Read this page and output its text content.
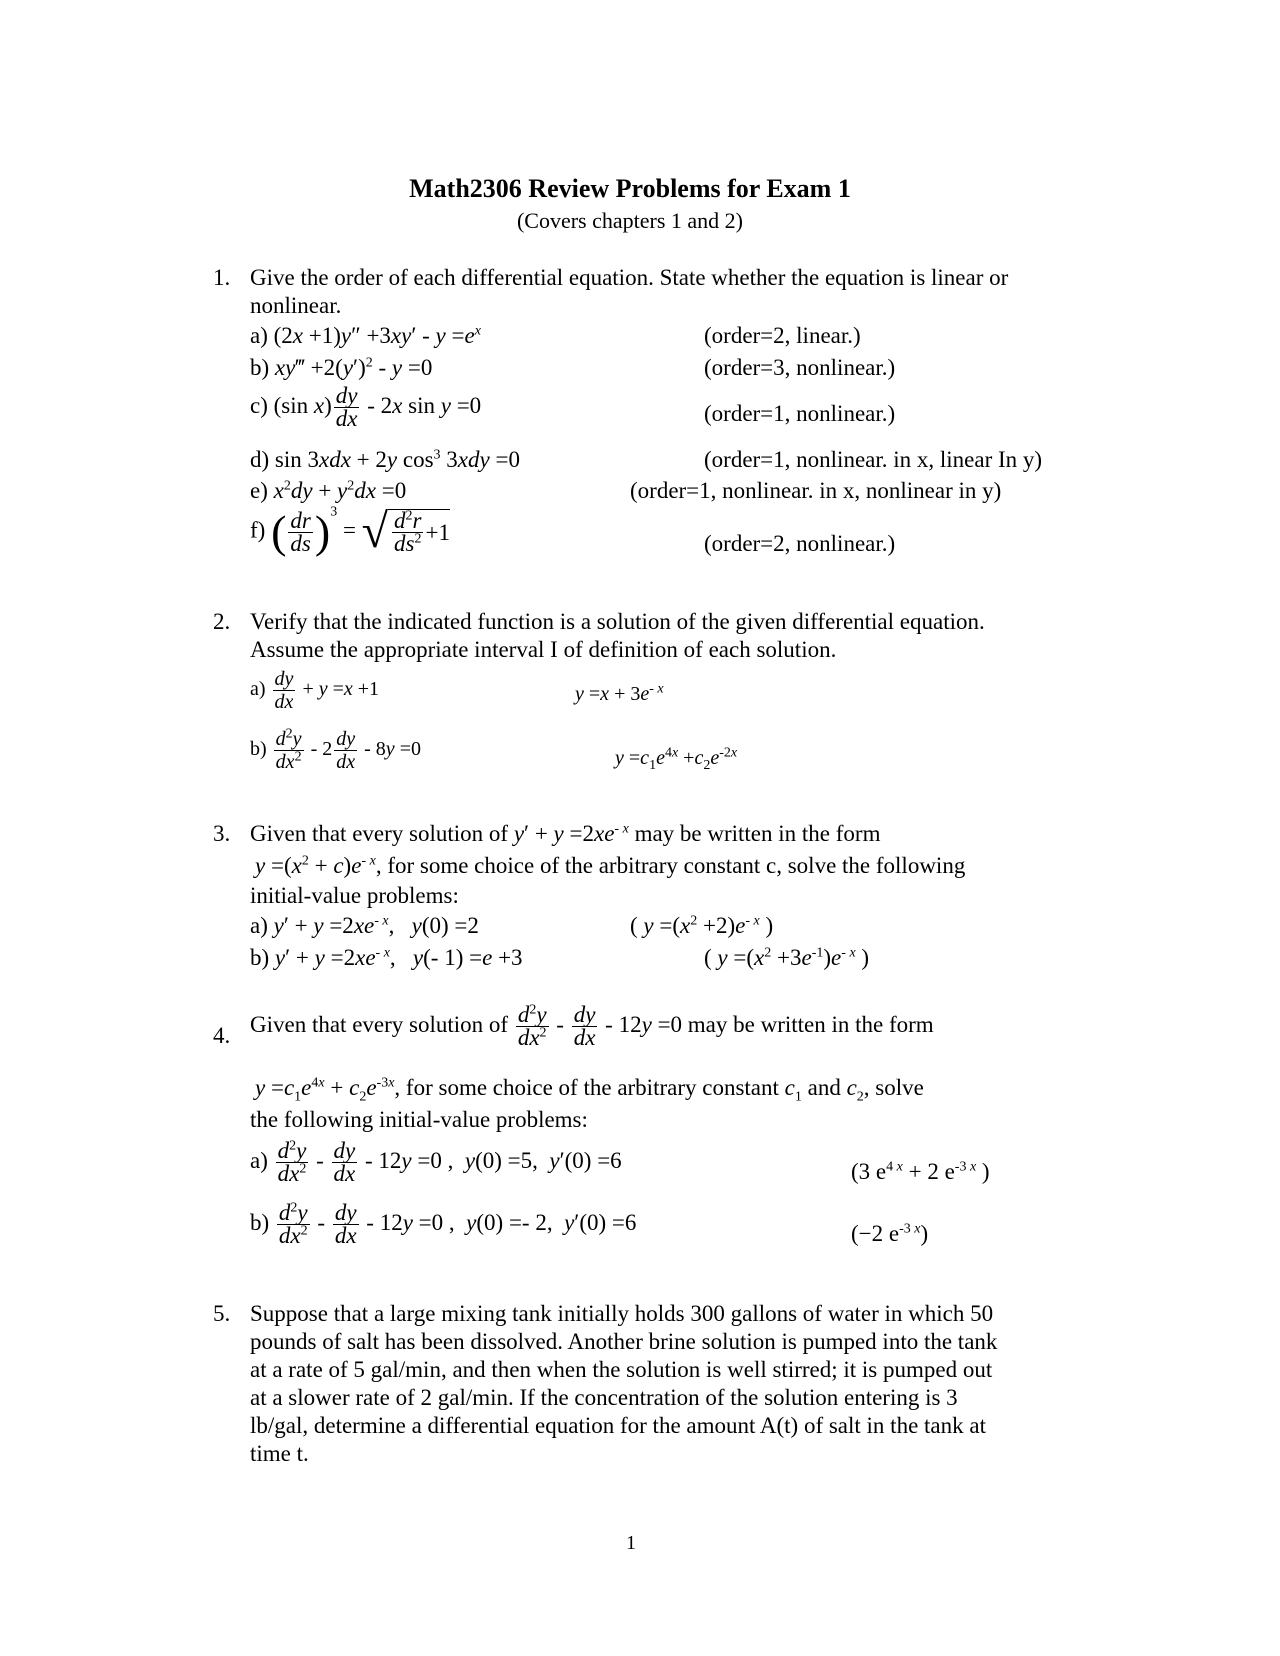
Math2306 Review Problems for Exam 1
(Covers chapters 1 and 2)
1. Give the order of each differential equation. State whether the equation is linear or
nonlinear.
a) $(2x +1)y'' +3xy' - y =e^x$	(order=2, linear.)
b) xy‴ $+2(y')^2 - y =0$	(order=3, nonlinear.)
c) (sin $x) \frac{dy}{dx} - 2x$ sin y =0	(order=1, nonlinear.)
d) sin 3xdx + 2y $\cos^3 3xdy =0$	(order=1, nonlinear. in x, linear In y)
e) $x^2dy + y^2dx =0$	(order=1, nonlinear. in x, nonlinear in y)
f) ( $\frac{dr}{ds} )^3$ = √ $\frac{d^2r}{ds^2} +1$	(order=2, nonlinear.)
2. Verify that the indicated function is a solution of the given differential equation.
Assume the appropriate interval I of definition of each solution.
$a) \frac{dy}{dx} + y =x +1$	$y =x + 3e^{- x}$
$b) \frac{d^2y}{dx^2} - 2 \frac{dy}{dx} - 8y =0$	$y =c_1e^{4x} +c_2e^{-2x}$
3. Given that every solution of $y' + y =2xe^{- x}$ may be written in the form
$y =(x^2 + c)e^{- x}$, for some choice of the arbitrary constant c, solve the following
initial-value problems:
a) $y' + y =2xe^{- x}$,   y(0) =2	( $y =(x^2 +2)e^{- x}$ )
b) $y' + y =2xe^{- x}$,   y(- 1) =e +3	( $y =(x^2 +3e^{-1})e^{- x}$ )
4. Given that every solution of $\frac{d^2y}{dx^2} - \frac{dy}{dx} - 12y =0$ may be written in the form
$y =c_1e^{4x} + c_2e^{-3x}$, for some choice of the arbitrary constant $c_1$ and $c_2$, solve
the following initial-value problems:
$a) \frac{d^2y}{dx^2} - \frac{dy}{dx} - 12y =0$ ,  y(0) =5,  y′(0) =6	(3 $e^{4 x} + 2$ $e^{-3 x}$ )
$b) \frac{d^2y}{dx^2} - \frac{dy}{dx} - 12y =0$ ,  y(0) =- 2,  y′(0) =6	(−2 $e^{-3 x}$)
5. Suppose that a large mixing tank initially holds 300 gallons of water in which 50
pounds of salt has been dissolved. Another brine solution is pumped into the tank
at a rate of 5 gal/min, and then when the solution is well stirred; it is pumped out
at a slower rate of 2 gal/min. If the concentration of the solution entering is 3
lb/gal, determine a differential equation for the amount A(t) of salt in the tank at
time t.
1
